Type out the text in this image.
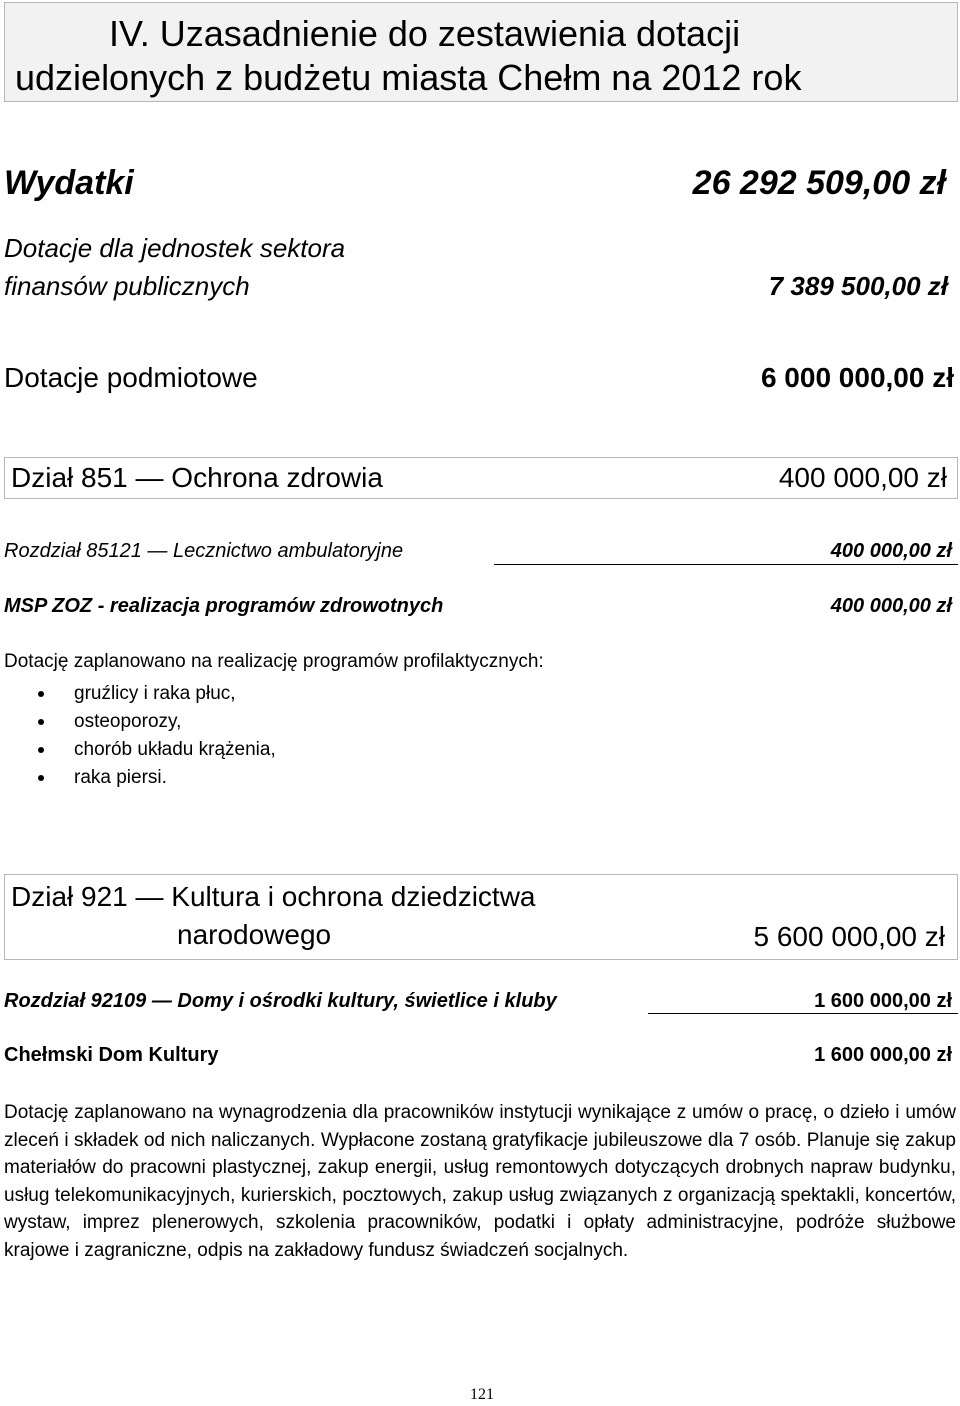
IV. Uzasadnienie do zestawienia dotacji
udzielonych z budżetu miasta Chełm na 2012 rok
Wydatki	26 292 509,00 zł
Dotacje dla jednostek sektora
finansów publicznych	7 389 500,00 zł
Dotacje podmiotowe	6 000 000,00 zł
Dział 851 — Ochrona zdrowia	400 000,00 zł
Rozdział 85121 — Lecznictwo ambulatoryjne	400 000,00 zł
MSP ZOZ - realizacja programów zdrowotnych	400 000,00 zł
Dotację zaplanowano na realizację programów profilaktycznych:
gruźlicy i raka płuc,
osteoporozy,
chorób układu krążenia,
raka piersi.
Dział 921 — Kultura i ochrona dziedzictwa
narodowego	5 600 000,00 zł
Rozdział 92109 — Domy i ośrodki kultury, świetlice i kluby	1 600 000,00 zł
Chełmski Dom Kultury	1 600 000,00 zł
Dotację zaplanowano na wynagrodzenia dla pracowników instytucji wynikające z umów o pracę, o dzieło i umów zleceń i składek od nich naliczanych. Wypłacone zostaną gratyfikacje jubileuszowe dla 7 osób. Planuje się zakup materiałów do pracowni plastycznej, zakup energii, usług remontowych dotyczących drobnych napraw budynku, usług telekomunikacyjnych, kurierskich, pocztowych, zakup usług związanych z organizacją spektakli, koncertów, wystaw, imprez plenerowych, szkolenia pracowników, podatki i opłaty administracyjne, podróże służbowe krajowe i zagraniczne, odpis na zakładowy fundusz świadczeń socjalnych.
121
